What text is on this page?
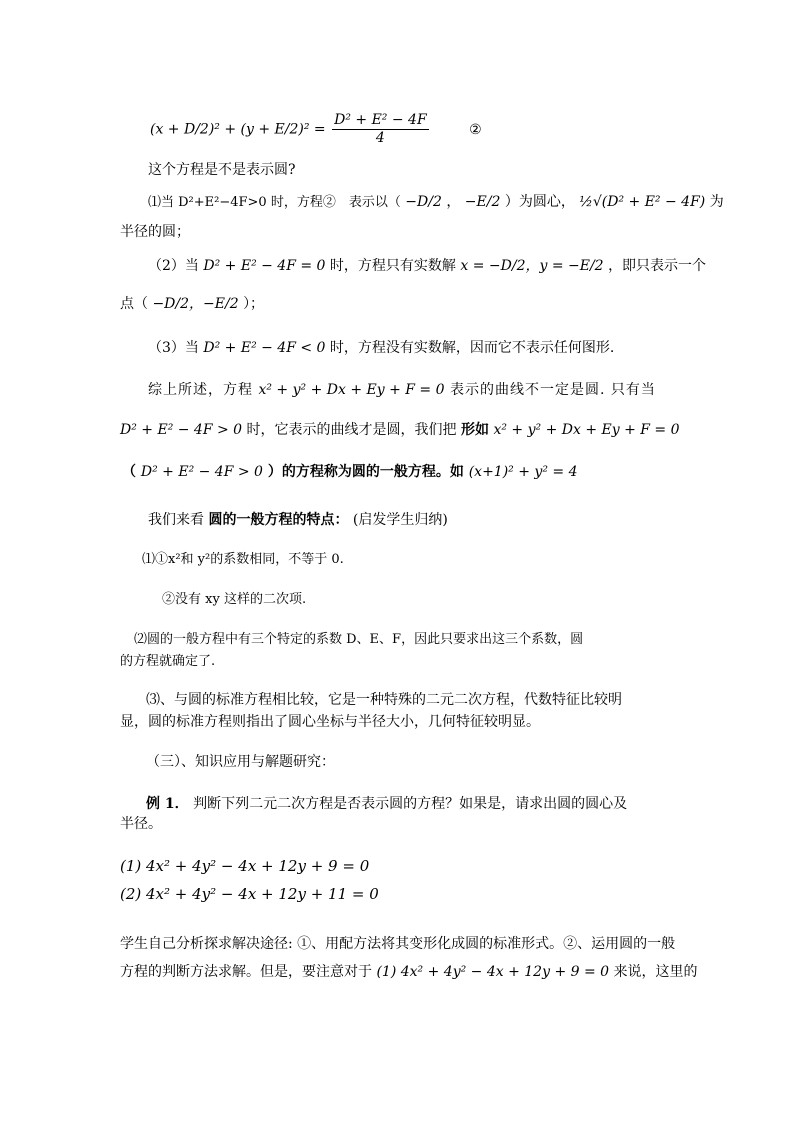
$(x + D/2)^2 + (y + E/2)^2 = \frac{\text{D² + E² − 4F}}{4}$	②
这个方程是不是表示圆?
⑴当 D²+E²−4F>0 时，方程②　表示以（ −D/2 ， −E/2 ）为圆心， ½√(D² + E² − 4F) 为
半径的圆；
（2）当 D² + E² − 4F = 0 时，方程只有实数解 x = −D/2，y = −E/2 ，即只表示一个
点（ −D/2，−E/2 ）；
（3）当 D² + E² − 4F < 0 时，方程没有实数解，因而它不表示任何图形.
综上所述，方程 x² + y² + Dx + Ey + F = 0 表示的曲线不一定是圆. 只有当
D² + E² − 4F > 0 时，它表示的曲线才是圆，我们把 形如 x² + y² + Dx + Ey + F = 0
（ D² + E² − 4F > 0 ）的方程称为圆的一般方程。如 (x+1)² + y² = 4
我们来看 圆的一般方程的特点： (启发学生归纳)
⑴①x²和 y²的系数相同，不等于 0.
②没有 xy 这样的二次项.
⑵圆的一般方程中有三个特定的系数 D、E、F，因此只要求出这三个系数，圆
的方程就确定了.
⑶、与圆的标准方程相比较，它是一种特殊的二元二次方程，代数特征比较明
显，圆的标准方程则指出了圆心坐标与半径大小，几何特征较明显。
（三）、知识应用与解题研究：
例 1． 判断下列二元二次方程是否表示圆的方程？如果是，请求出圆的圆心及
半径。
(1) 4x² + 4y² − 4x + 12y + 9 = 0
(2) 4x² + 4y² − 4x + 12y + 11 = 0
学生自己分析探求解决途径: ①、用配方法将其变形化成圆的标准形式。②、运用圆的一般
方程的判断方法求解。但是，要注意对于 (1) 4x² + 4y² − 4x + 12y + 9 = 0 来说，这里的
